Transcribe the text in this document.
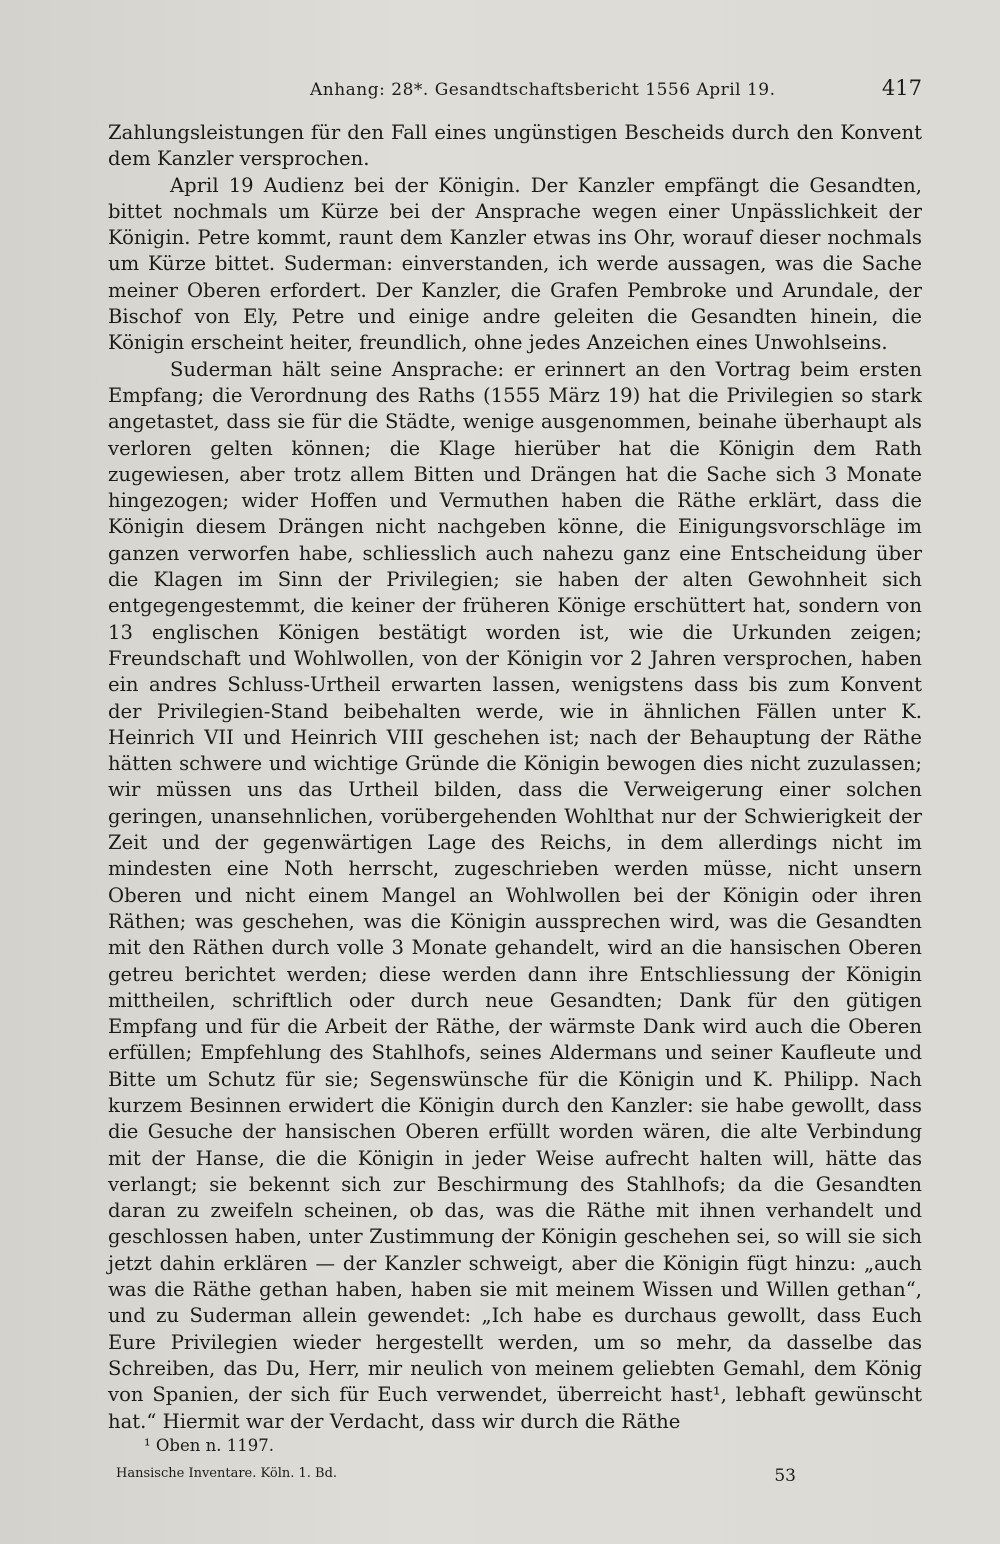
Anhang: 28*. Gesandtschaftsbericht 1556 April 19.	417

Zahlungsleistungen für den Fall eines ungünstigen Bescheids durch den Konvent dem Kanzler versprochen.

April 19 Audienz bei der Königin. Der Kanzler empfängt die Gesandten, bittet nochmals um Kürze bei der Ansprache wegen einer Unpässlichkeit der Königin. Petre kommt, raunt dem Kanzler etwas ins Ohr, worauf dieser nochmals um Kürze bittet. Suderman: einverstanden, ich werde aussagen, was die Sache meiner Oberen erfordert. Der Kanzler, die Grafen Pembroke und Arundale, der Bischof von Ely, Petre und einige andre geleiten die Gesandten hinein, die Königin erscheint heiter, freundlich, ohne jedes Anzeichen eines Unwohlseins.

Suderman hält seine Ansprache: er erinnert an den Vortrag beim ersten Empfang; die Verordnung des Raths (1555 März 19) hat die Privilegien so stark angetastet, dass sie für die Städte, wenige ausgenommen, beinahe überhaupt als verloren gelten können; die Klage hierüber hat die Königin dem Rath zugewiesen, aber trotz allem Bitten und Drängen hat die Sache sich 3 Monate hingezogen; wider Hoffen und Vermuthen haben die Räthe erklärt, dass die Königin diesem Drängen nicht nachgeben könne, die Einigungsvorschläge im ganzen verworfen habe, schliesslich auch nahezu ganz eine Entscheidung über die Klagen im Sinn der Privilegien; sie haben der alten Gewohnheit sich entgegengestemmt, die keiner der früheren Könige erschüttert hat, sondern von 13 englischen Königen bestätigt worden ist, wie die Urkunden zeigen; Freundschaft und Wohlwollen, von der Königin vor 2 Jahren versprochen, haben ein andres Schluss-Urtheil erwarten lassen, wenigstens dass bis zum Konvent der Privilegien-Stand beibehalten werde, wie in ähnlichen Fällen unter K. Heinrich VII und Heinrich VIII geschehen ist; nach der Behauptung der Räthe hätten schwere und wichtige Gründe die Königin bewogen dies nicht zuzulassen; wir müssen uns das Urtheil bilden, dass die Verweigerung einer solchen geringen, unansehnlichen, vorübergehenden Wohlthat nur der Schwierigkeit der Zeit und der gegenwärtigen Lage des Reichs, in dem allerdings nicht im mindesten eine Noth herrscht, zugeschrieben werden müsse, nicht unsern Oberen und nicht einem Mangel an Wohlwollen bei der Königin oder ihren Räthen; was geschehen, was die Königin aussprechen wird, was die Gesandten mit den Räthen durch volle 3 Monate gehandelt, wird an die hansischen Oberen getreu berichtet werden; diese werden dann ihre Entschliessung der Königin mittheilen, schriftlich oder durch neue Gesandten; Dank für den gütigen Empfang und für die Arbeit der Räthe, der wärmste Dank wird auch die Oberen erfüllen; Empfehlung des Stahlhofs, seines Aldermans und seiner Kaufleute und Bitte um Schutz für sie; Segenswünsche für die Königin und K. Philipp. Nach kurzem Besinnen erwidert die Königin durch den Kanzler: sie habe gewollt, dass die Gesuche der hansischen Oberen erfüllt worden wären, die alte Verbindung mit der Hanse, die die Königin in jeder Weise aufrecht halten will, hätte das verlangt; sie bekennt sich zur Beschirmung des Stahlhofs; da die Gesandten daran zu zweifeln scheinen, ob das, was die Räthe mit ihnen verhandelt und geschlossen haben, unter Zustimmung der Königin geschehen sei, so will sie sich jetzt dahin erklären — der Kanzler schweigt, aber die Königin fügt hinzu: „auch was die Räthe gethan haben, haben sie mit meinem Wissen und Willen gethan“, und zu Suderman allein gewendet: „Ich habe es durchaus gewollt, dass Euch Eure Privilegien wieder hergestellt werden, um so mehr, da dasselbe das Schreiben, das Du, Herr, mir neulich von meinem geliebten Gemahl, dem König von Spanien, der sich für Euch verwendet, überreicht hast¹, lebhaft gewünscht hat.“ Hiermit war der Verdacht, dass wir durch die Räthe

¹ Oben n. 1197.
Hansische Inventare. Köln. 1. Bd.	53
